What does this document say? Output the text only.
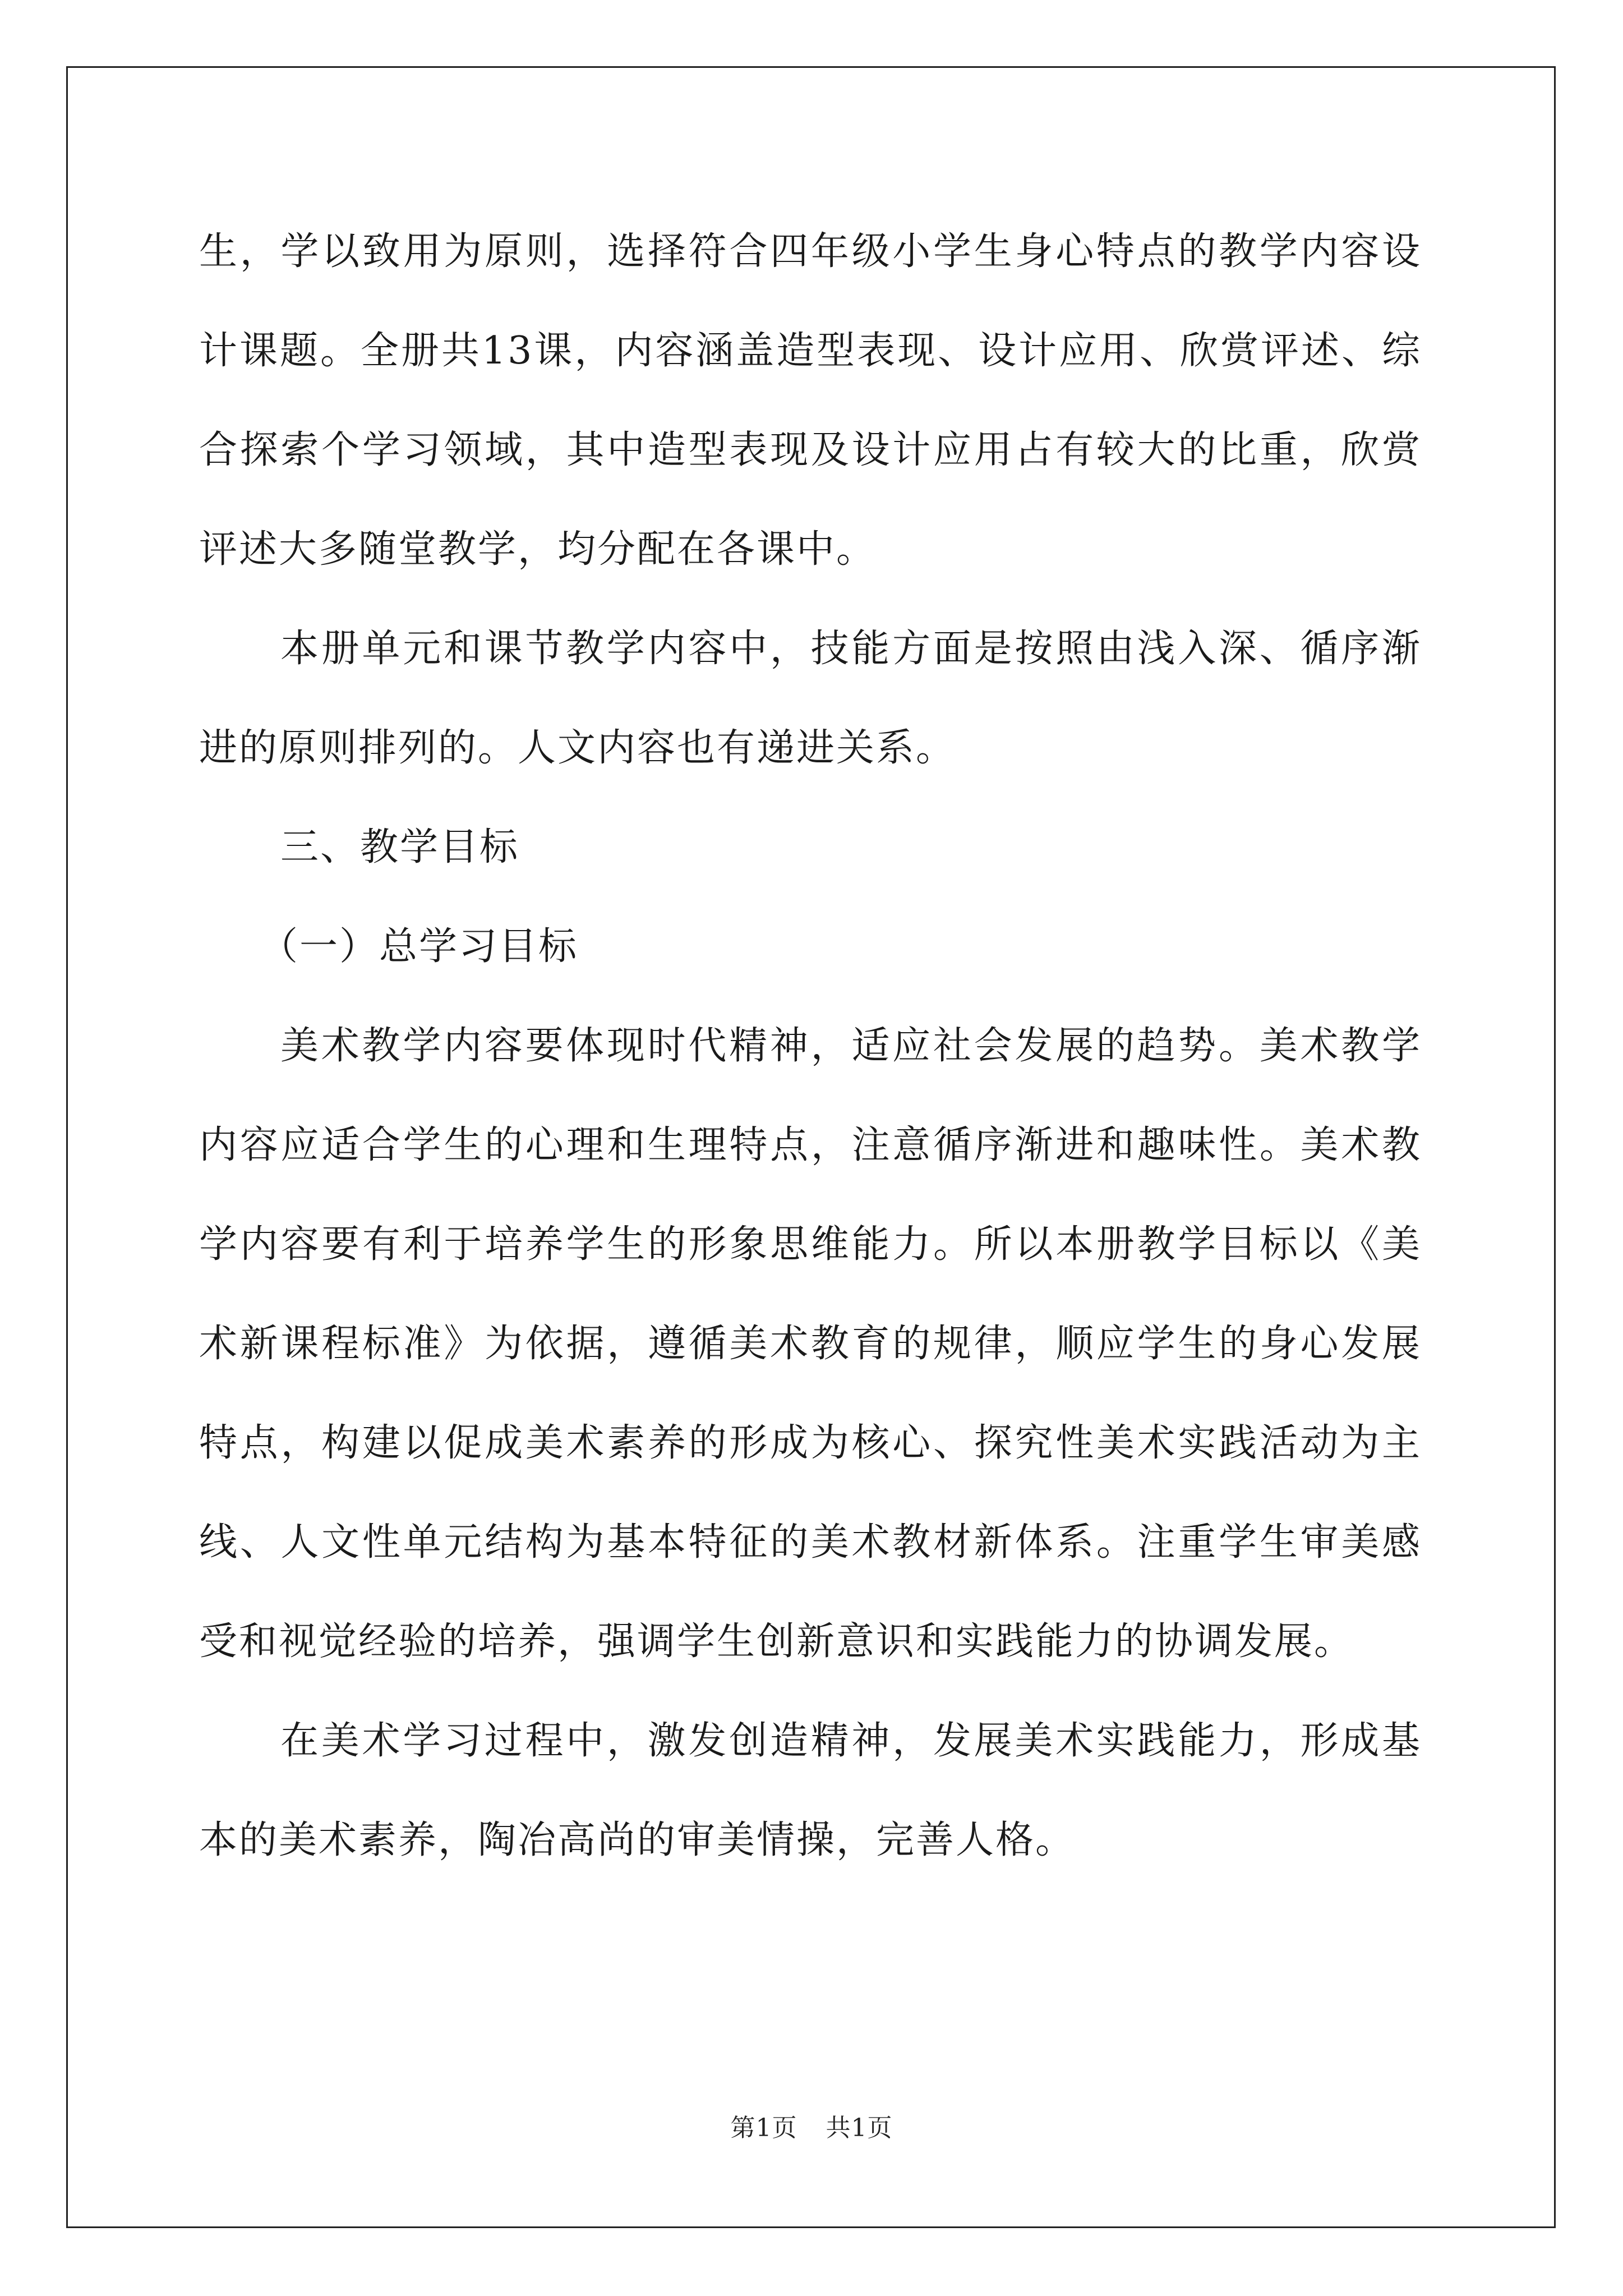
生，学以致用为原则，选择符合四年级小学生身心特点的教学内容设计课题。全册共13课，内容涵盖造型表现、设计应用、欣赏评述、综合探索个学习领域，其中造型表现及设计应用占有较大的比重，欣赏评述大多随堂教学，均分配在各课中。

本册单元和课节教学内容中，技能方面是按照由浅入深、循序渐进的原则排列的。人文内容也有递进关系。

三、教学目标

（一）总学习目标

美术教学内容要体现时代精神，适应社会发展的趋势。美术教学内容应适合学生的心理和生理特点，注意循序渐进和趣味性。美术教学内容要有利于培养学生的形象思维能力。所以本册教学目标以《美术新课程标准》为依据，遵循美术教育的规律，顺应学生的身心发展特点，构建以促成美术素养的形成为核心、探究性美术实践活动为主线、人文性单元结构为基本特征的美术教材新体系。注重学生审美感受和视觉经验的培养，强调学生创新意识和实践能力的协调发展。

在美术学习过程中，激发创造精神，发展美术实践能力，形成基本的美术素养，陶冶高尚的审美情操，完善人格。

第1页 共1页
